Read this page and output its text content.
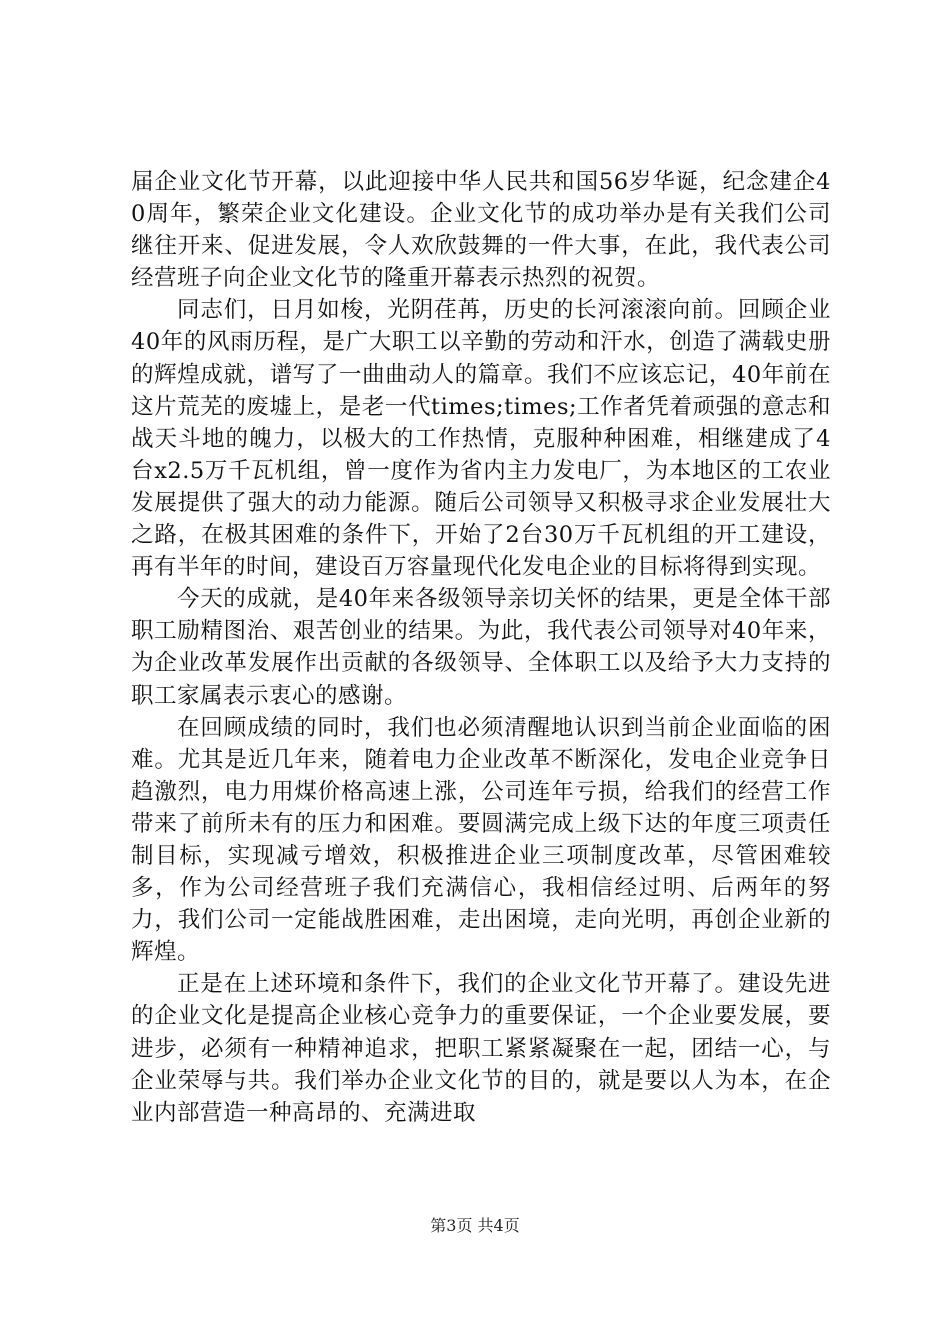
届企业文化节开幕，以此迎接中华人民共和国56岁华诞，纪念建企40周年，繁荣企业文化建设。企业文化节的成功举办是有关我们公司继往开来、促进发展，令人欢欣鼓舞的一件大事，在此，我代表公司经营班子向企业文化节的隆重开幕表示热烈的祝贺。

同志们，日月如梭，光阴荏苒，历史的长河滚滚向前。回顾企业40年的风雨历程，是广大职工以辛勤的劳动和汗水，创造了满载史册的辉煌成就，谱写了一曲曲动人的篇章。我们不应该忘记，40年前在这片荒芜的废墟上，是老一代times;times;工作者凭着顽强的意志和战天斗地的魄力，以极大的工作热情，克服种种困难，相继建成了4台x2.5万千瓦机组，曾一度作为省内主力发电厂，为本地区的工农业发展提供了强大的动力能源。随后公司领导又积极寻求企业发展壮大之路，在极其困难的条件下，开始了2台30万千瓦机组的开工建设，再有半年的时间，建设百万容量现代化发电企业的目标将得到实现。

今天的成就，是40年来各级领导亲切关怀的结果，更是全体干部职工励精图治、艰苦创业的结果。为此，我代表公司领导对40年来，为企业改革发展作出贡献的各级领导、全体职工以及给予大力支持的职工家属表示衷心的感谢。

在回顾成绩的同时，我们也必须清醒地认识到当前企业面临的困难。尤其是近几年来，随着电力企业改革不断深化，发电企业竞争日趋激烈，电力用煤价格高速上涨，公司连年亏损，给我们的经营工作带来了前所未有的压力和困难。要圆满完成上级下达的年度三项责任制目标，实现减亏增效，积极推进企业三项制度改革，尽管困难较多，作为公司经营班子我们充满信心，我相信经过明、后两年的努力，我们公司一定能战胜困难，走出困境，走向光明，再创企业新的辉煌。

正是在上述环境和条件下，我们的企业文化节开幕了。建设先进的企业文化是提高企业核心竞争力的重要保证，一个企业要发展，要进步，必须有一种精神追求，把职工紧紧凝聚在一起，团结一心，与企业荣辱与共。我们举办企业文化节的目的，就是要以人为本，在企业内部营造一种高昂的、充满进取

第3页 共4页
